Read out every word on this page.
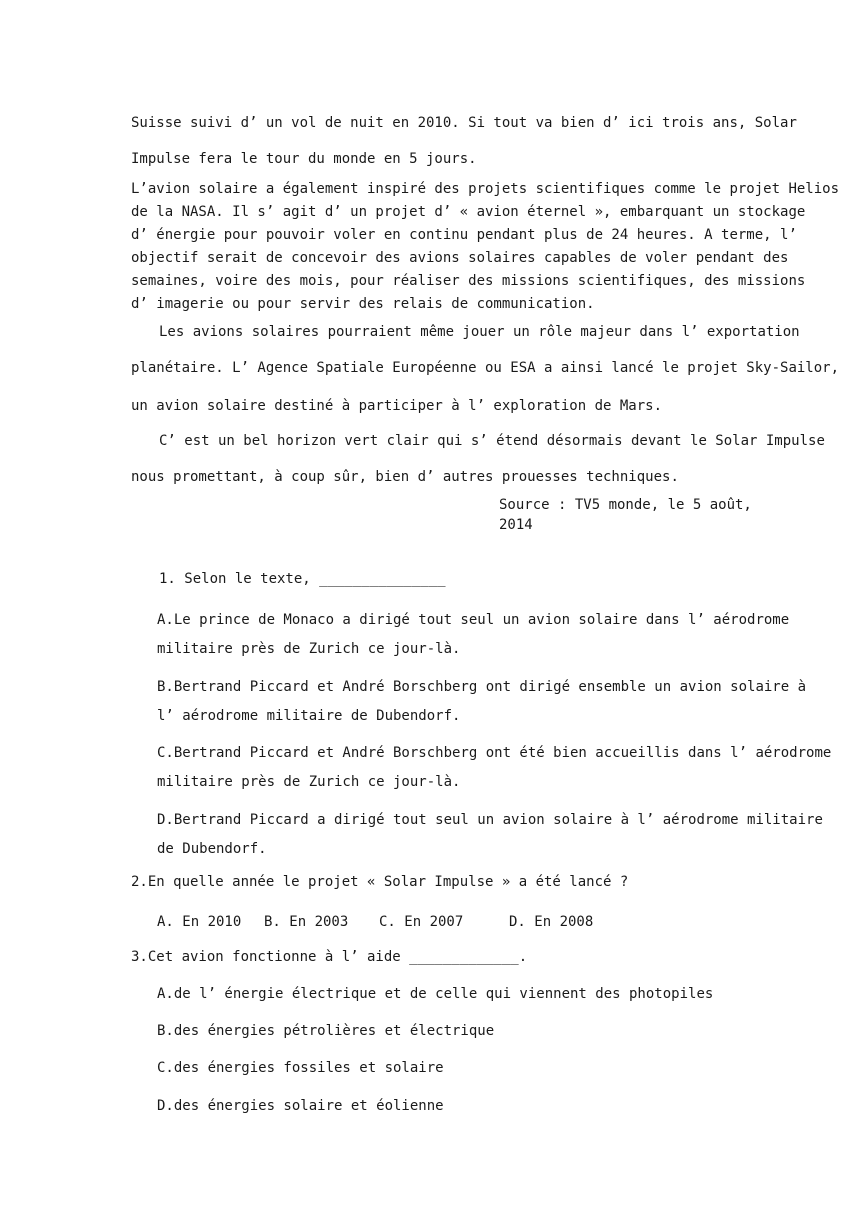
Suisse suivi d’ un vol de nuit en 2010. Si tout va bien d’ ici trois ans, Solar
Impulse fera le tour du monde en 5 jours.
L’avion solaire a également inspiré des projets scientifiques comme le projet Helios
de la NASA. Il s’ agit d’ un projet d’ « avion éternel », embarquant un stockage
d’ énergie pour pouvoir voler en continu pendant plus de 24 heures. A terme, l’
objectif serait de concevoir des avions solaires capables de voler pendant des
semaines, voire des mois, pour réaliser des missions scientifiques, des missions
d’ imagerie ou pour servir des relais de communication.
Les avions solaires pourraient même jouer un rôle majeur dans l’ exportation
planétaire. L’ Agence Spatiale Européenne ou ESA a ainsi lancé le projet Sky-Sailor,
un avion solaire destiné à participer à l’ exploration de Mars.
C’ est un bel horizon vert clair qui s’ étend désormais devant le Solar Impulse
nous promettant, à coup sûr, bien d’ autres prouesses techniques.
Source : TV5 monde, le 5 août,
2014
1. Selon le texte, _______________
A.Le prince de Monaco a dirigé tout seul un avion solaire dans l’ aérodrome
militaire près de Zurich ce jour-là.
B.Bertrand Piccard et André Borschberg ont dirigé ensemble un avion solaire à
l’ aérodrome militaire de Dubendorf.
C.Bertrand Piccard et André Borschberg ont été bien accueillis dans l’ aérodrome
militaire près de Zurich ce jour-là.
D.Bertrand Piccard a dirigé tout seul un avion solaire à l’ aérodrome militaire
de Dubendorf.
2.En quelle année le projet « Solar Impulse » a été lancé ?
A. En 2010 B. En 2003 C. En 2007	D. En 2008
3.Cet avion fonctionne à l’ aide _____________.
A.de l’ énergie électrique et de celle qui viennent des photopiles
B.des énergies pétrolières et électrique
C.des énergies fossiles et solaire
D.des énergies solaire et éolienne
